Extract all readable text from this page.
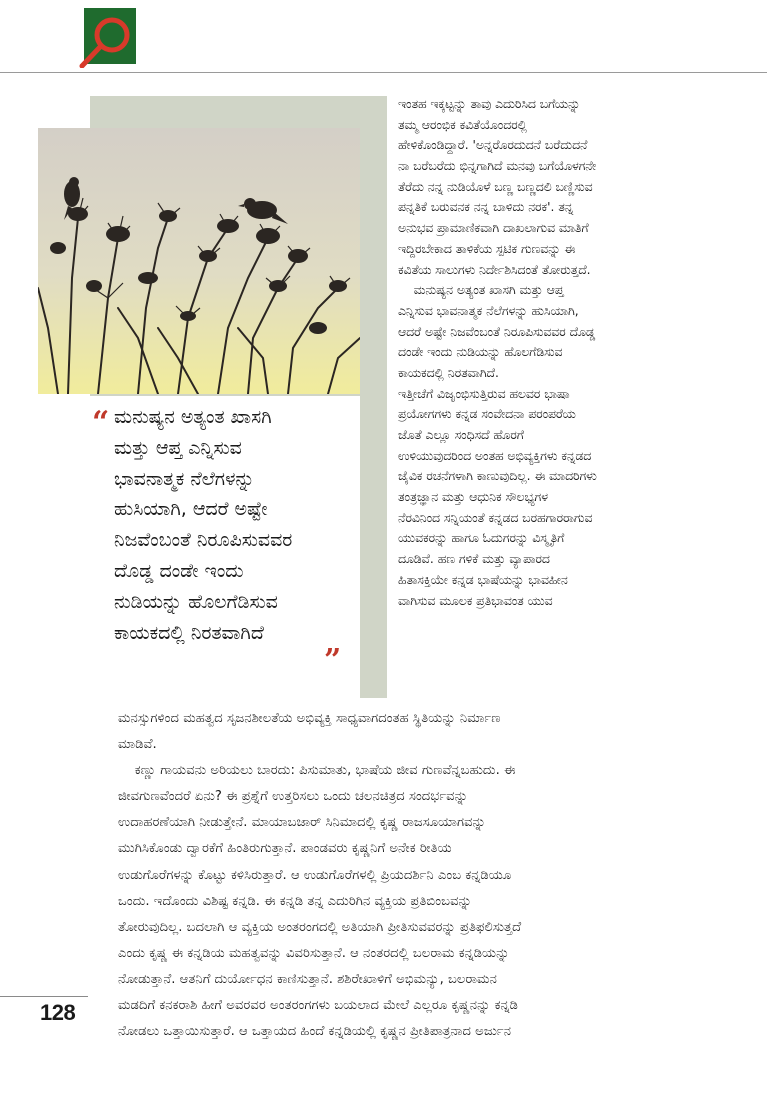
“ ಮನುಷ್ಯನ ಅತ್ಯಂತ ಖಾಸಗಿ
ಮತ್ತು ಆಪ್ತ ಎನ್ನಿಸುವ
ಭಾವನಾತ್ಮಕ ನೆಲೆಗಳನ್ನು
ಹುಸಿಯಾಗಿ, ಆದರೆ ಅಷ್ಟೇ
ನಿಜವೆಂಬಂತೆ ನಿರೂಪಿಸುವವರ
ದೊಡ್ಡ ದಂಡೇ ಇಂದು
ನುಡಿಯನ್ನು ಹೊಲಗೆಡಿಸುವ
ಕಾಯಕದಲ್ಲಿ ನಿರತವಾಗಿದೆ
”
ಇಂತಹ ಇಕ್ಕಟ್ಟನ್ನು ತಾವು ಎದುರಿಸಿದ ಬಗೆಯನ್ನು
ತಮ್ಮ ಆರಂಭಿಕ ಕವಿತೆಯೊಂದರಲ್ಲಿ
ಹೇಳಿಕೊಂಡಿದ್ದಾರೆ. 'ಅನ್ನರೊರದುದನೆ ಬರೆದುದನೆ
ನಾ ಬರೆಬರೆದು ಭಿನ್ನಗಾಗಿದೆ ಮನವು ಬಗೆಯೊಳಗನೇ
ತೆರೆದು ನನ್ನ ನುಡಿಯೊಳೆ ಬಣ್ಣ ಬಣ್ಣದಲಿ ಬಣ್ಣಿಸುವ
ಪನ್ನತಿಕೆ ಬರುವನಕ ನನ್ನ ಬಾಳಿದು ನರಕ'. ತನ್ನ
ಅನುಭವ ಪ್ರಾಮಾಣಿಕವಾಗಿ ದಾಖಲಾಗುವ ಮಾತಿಗೆ
ಇದ್ದಿರಬೇಕಾದ ತಾಳಿಕೆಯ ಸ್ಪಟಿಕ ಗುಣವನ್ನು ಈ
ಕವಿತೆಯ ಸಾಲುಗಳು ನಿರ್ದೇಶಿಸಿದಂತೆ ತೋರುತ್ತದೆ.
ಮನುಷ್ಯನ ಅತ್ಯಂತ ಖಾಸಗಿ ಮತ್ತು ಆಪ್ತ
ಎನ್ನಿಸುವ ಭಾವನಾತ್ಮಕ ನೆಲೆಗಳನ್ನು ಹುಸಿಯಾಗಿ,
ಆದರೆ ಅಷ್ಟೇ ನಿಜವೆಂಬಂತೆ ನಿರೂಪಿಸುವವರ ದೊಡ್ಡ
ದಂಡೇ ಇಂದು ನುಡಿಯನ್ನು ಹೊಲಗೆಡಿಸುವ
ಕಾಯಕದಲ್ಲಿ ನಿರತವಾಗಿದೆ.
ಇತ್ತೀಚೆಗೆ ವಿಜೃಂಭಿಸುತ್ತಿರುವ ಹಲವರ ಭಾಷಾ
ಪ್ರಯೋಗಗಳು ಕನ್ನಡ ಸಂವೇದನಾ ಪರಂಪರೆಯ
ಜೊತೆ ಎಲ್ಲೂ ಸಂಧಿಸದೆ ಹೊರಗೆ
ಉಳಿಯುವುದರಿಂದ ಅಂತಹ ಅಭಿವ್ಯಕ್ತಿಗಳು ಕನ್ನಡದ
ಜೈವಿಕ ರಚನೆಗಳಾಗಿ ಕಾಣುವುದಿಲ್ಲ. ಈ ಮಾದರಿಗಳು
ತಂತ್ರಜ್ಞಾನ ಮತ್ತು ಆಧುನಿಕ ಸೌಲಭ್ಯಗಳ
ನೆರವಿನಿಂದ ಸನ್ನಿಯಂತೆ ಕನ್ನಡದ ಬರಹಗಾರರಾಗುವ
ಯುವಕರನ್ನು ಹಾಗೂ ಓದುಗರನ್ನು ವಿಸ್ಮೃತಿಗೆ
ದೂಡಿವೆ. ಹಣ ಗಳಿಕೆ ಮತ್ತು ವ್ಯಾಪಾರದ
ಹಿತಾಸಕ್ತಿಯೇ ಕನ್ನಡ ಭಾಷೆಯನ್ನು ಭಾವಹೀನ
ವಾಗಿಸುವ ಮೂಲಕ ಪ್ರತಿಭಾವಂತ ಯುವ
ಮನಸ್ಸುಗಳಿಂದ ಮಹತ್ವದ ಸೃಜನಶೀಲತೆಯ ಅಭಿವ್ಯಕ್ತಿ ಸಾಧ್ಯವಾಗದಂತಹ ಸ್ಥಿತಿಯನ್ನು ನಿರ್ಮಾಣ
ಮಾಡಿವೆ.
ಕಣ್ಣು ಗಾಯವನು ಅರಿಯಲು ಬಾರದು: ಪಿಸುಮಾತು, ಭಾಷೆಯ ಜೀವ ಗುಣವೆನ್ನಬಹುದು. ಈ
ಜೀವಗುಣವೆಂದರೆ ಏನು? ಈ ಪ್ರಶ್ನೆಗೆ ಉತ್ತರಿಸಲು ಒಂದು ಚಲನಚಿತ್ರದ ಸಂದರ್ಭವನ್ನು
ಉದಾಹರಣೆಯಾಗಿ ನೀಡುತ್ತೇನೆ. ಮಾಯಾಬಜಾರ್ ಸಿನಿಮಾದಲ್ಲಿ ಕೃಷ್ಣ ರಾಜಸೂಯಾಗವನ್ನು
ಮುಗಿಸಿಕೊಂಡು ದ್ವಾರಕೆಗೆ ಹಿಂತಿರುಗುತ್ತಾನೆ. ಪಾಂಡವರು ಕೃಷ್ಣನಿಗೆ ಅನೇಕ ರೀತಿಯ
ಉಡುಗೊರೆಗಳನ್ನು ಕೊಟ್ಟು ಕಳಿಸಿರುತ್ತಾರೆ. ಆ ಉಡುಗೊರೆಗಳಲ್ಲಿ ಪ್ರಿಯದರ್ಶಿನಿ ಎಂಬ ಕನ್ನಡಿಯೂ
ಒಂದು. ಇದೊಂದು ವಿಶಿಷ್ಟ ಕನ್ನಡಿ. ಈ ಕನ್ನಡಿ ತನ್ನ ಎದುರಿಗಿನ ವ್ಯಕ್ತಿಯ ಪ್ರತಿಬಿಂಬವನ್ನು
ತೋರುವುದಿಲ್ಲ. ಬದಲಾಗಿ ಆ ವ್ಯಕ್ತಿಯ ಅಂತರಂಗದಲ್ಲಿ ಅತಿಯಾಗಿ ಪ್ರೀತಿಸುವವರನ್ನು ಪ್ರತಿಫಲಿಸುತ್ತದೆ
ಎಂದು ಕೃಷ್ಣ ಈ ಕನ್ನಡಿಯ ಮಹತ್ವವನ್ನು ವಿವರಿಸುತ್ತಾನೆ. ಆ ನಂತರದಲ್ಲಿ ಬಲರಾಮ ಕನ್ನಡಿಯನ್ನು
ನೋಡುತ್ತಾನೆ. ಆತನಿಗೆ ದುರ್ಯೋಧನ ಕಾಣಿಸುತ್ತಾನೆ. ಶಶಿರೇಖಾಳಿಗೆ ಅಭಿಮನ್ಯು, ಬಲರಾಮನ
ಮಡದಿಗೆ ಕನಕರಾಶಿ ಹೀಗೆ ಅವರವರ ಅಂತರಂಗಗಳು ಬಯಲಾದ ಮೇಲೆ ಎಲ್ಲರೂ ಕೃಷ್ಣನನ್ನು ಕನ್ನಡಿ
ನೋಡಲು ಒತ್ತಾಯಿಸುತ್ತಾರೆ. ಆ ಒತ್ತಾಯದ ಹಿಂದೆ ಕನ್ನಡಿಯಲ್ಲಿ ಕೃಷ್ಣನ ಪ್ರೀತಿಪಾತ್ರನಾದ ಅರ್ಜುನ
128
